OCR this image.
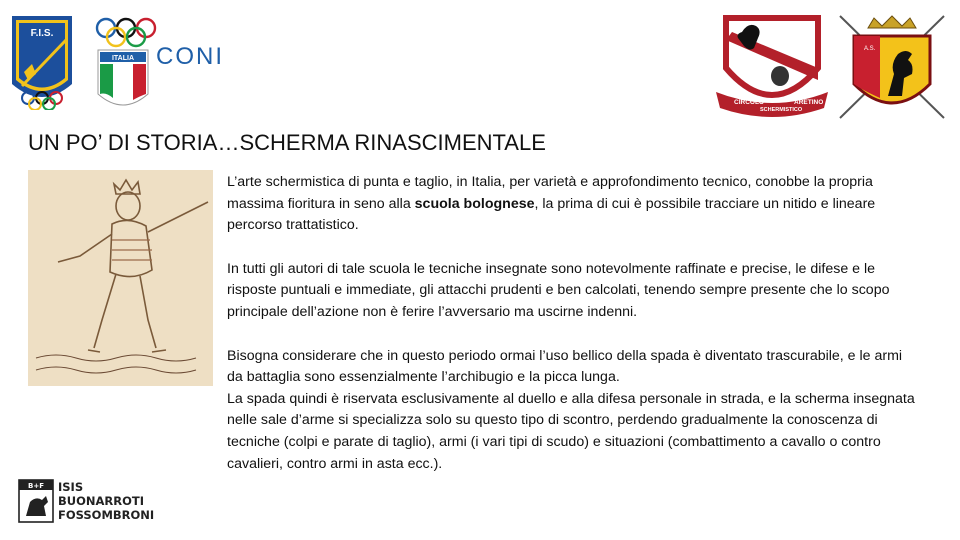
F.I.S.
ITALIA CONI
CIRCOLO
SCHERMISTICO
ARETINO
A.S.
UN PO’ DI STORIA…SCHERMA RINASCIMENTALE

L’arte schermistica di punta e taglio, in Italia, per varietà e approfondimento tecnico, conobbe la propria massima fioritura in seno alla scuola bolognese, la prima di cui è possibile tracciare un nitido e lineare percorso trattatistico.

In tutti gli autori di tale scuola le tecniche insegnate sono notevolmente raffinate e precise, le difese e le risposte puntuali e immediate, gli attacchi prudenti e ben calcolati, tenendo sempre presente che lo scopo principale dell’azione non è ferire l’avversario ma uscirne indenni.

Bisogna considerare che in questo periodo ormai l’uso bellico della spada è diventato trascurabile, e le armi da battaglia sono essenzialmente l’archibugio e la picca lunga.
La spada quindi è riservata esclusivamente al duello e alla difesa personale in strada, e la scherma insegnata nelle sale d’arme si specializza solo su questo tipo di scontro, perdendo gradualmente la conoscenza di tecniche (colpi e parate di taglio), armi (i vari tipi di scudo) e situazioni (combattimento a cavallo o contro cavalieri, contro armi in asta ecc.).

B+F ISIS
BUONARROTI
FOSSOMBRONI
